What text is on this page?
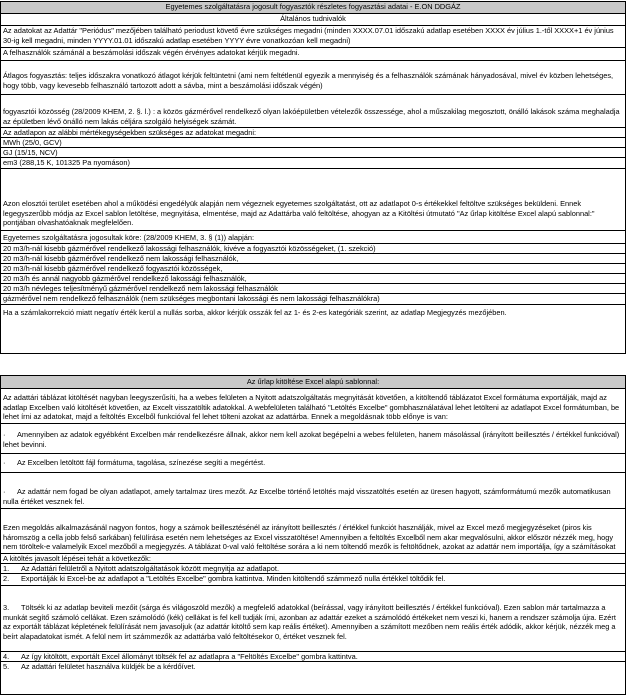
Egyetemes szolgáltatásra jogosult fogyasztók részletes fogyasztási adatai - E.ON DDGÁZ
Általános tudnivalók
Az adatokat az Adattár "Periódus" mezőjében található periodust követő évre szükséges megadni (minden XXXX.07.01 időszakú adatlap esetében XXXX év július 1.-től XXXX+1 év június 30-ig kell megadni, minden YYYY.01.01 időszakú adatlap esetében YYYY évre vonatkozóan kell megadni)
A felhasználók számánál a beszámolási időszak végén érvényes adatokat kérjük megadni.
Átlagos fogyasztás: teljes időszakra vonatkozó átlagot kérjük feltüntetni (ami nem feltétlenül egyezik a mennyiség és a felhasználók számának hányadosával, mivel év közben lehetséges, hogy több, vagy kevesebb felhasználó tartozott adott a sávba, mint a beszámolási időszak végén)
fogyasztói közösség (28/2009 KHEM, 2. §. l.) : a közös gázmérővel rendelkező olyan lakóépületben vételezők összessége, ahol a műszakilag megosztott, önálló lakások száma meghaladja az épületben lévő önálló nem lakás céljára szolgáló helyiségek számát.
Az adatlapon az alábbi mértékegységekben szükséges az adatokat megadni:
MWh (25/0, GCV)
GJ (15/15, NCV)
em3 (288,15 K, 101325 Pa nyomáson)
Azon elosztói terület esetében ahol a működési engedélyük alapján nem végeznek egyetemes szolgáltatást, ott az adatlapot 0-s értékekkel feltöltve szükséges beküldeni. Ennek legegyszerűbb módja az Excel sablon letöltése, megnyitása, elmentése, majd az Adattárba való feltöltése, ahogyan az a Kitöltési útmutató "Az űrlap kitöltése Excel alapú sablonnal:" pontjában olvashatóaknak megfelelően.
Egyetemes szolgáltatásra jogosultak köre: (28/2009 KHEM, 3. § (1)) alapján:
20 m3/h-nál kisebb gázmérővel rendelkező lakossági felhasználók, kivéve a fogyasztói közösségeket, (1. szekció)
20 m3/h-nál kisebb gázmérővel rendelkező nem lakossági felhasználók,
20 m3/h-nál kisebb gázmérővel rendelkező fogyasztói közösségek,
20 m3/h és annál nagyobb gázmérővel rendelkező lakossági felhasználók,
20 m3/h névleges teljesítményű gázmérővel rendelkező nem lakossági felhasználók
gázmérővel nem rendelkező felhasználók (nem szükséges megbontani lakossági és nem lakossági felhasználókra)
Ha a számlakorrekció miatt negatív érték kerül a nullás sorba, akkor kérjük osszák fel az 1- és 2-es kategóriák szerint, az adatlap Megjegyzés mezőjében.
Az űrlap kitöltése Excel alapú sablonnal:
Az adattári táblázat kitöltését nagyban leegyszerűsíti, ha a webes felületen a Nyitott adatszolgáltatás megnyitását követően, a kitöltendő táblázatot Excel formátuma exportálják, majd az adatlap Excelben való kitöltését követően, az Excelt visszatöltik adatokkal. A webfelületen található "Letöltés Excelbe" gombhasználatával lehet letölteni az adatlapot Excel formátumban, be lehet írni az adatokat, majd a feltöltés Excelből funkcióval fel lehet tölteni azokat az adattárba. Ennek a megoldásnak több előnye is van:
· Amennyiben az adatok egyébként Excelben már rendelkezésre állnak, akkor nem kell azokat begépelni a webes felületen, hanem másolással (irányított beillesztés / értékkel funkcióval) lehet bevinni.
· Az Excelben letöltött fájl formátuma, tagolása, színezése segíti a megértést.
· Az adattár nem fogad be olyan adatlapot, amely tartalmaz üres mezőt. Az Excelbe történő letöltés majd visszatöltés esetén az üresen hagyott, számformátumú mezők automatikusan nulla értéket vesznek fel.
Ezen megoldás alkalmazásánál nagyon fontos, hogy a számok beillesztésénél az irányított beillesztés / értékkel funkciót használják, mivel az Excel mező megjegyzéseket (piros kis háromszög a cella jobb felső sarkában) felülírása esetén nem lehetséges az Excel visszatöltése! Amennyiben a feltöltés Excelből nem akar megvalósulni, akkor először nézzék meg, hogy nem töröltek-e valamelyik Excel mezőből a megjegyzés. A táblázat 0-val való feltöltése sorára a ki nem töltendő mezők is feltöltődnek, azokat az adattár nem importálja, így a számításokat
A kitöltés javasolt lépései tehát a következők:
1. Az Adattári felületről a Nyitott adatszolgáltatások között megnyitja az adatlapot.
2. Exportálják ki Excel-be az adatlapot a "Letöltés Excelbe" gombra kattintva. Minden kitöltendő számmező nulla értékkel töltődik fel.
3. Töltsék ki az adatlap beviteli mezőit (sárga és világoszöld mezők) a megfelelő adatokkal (beírással, vagy irányított beillesztés / értékkel funkcióval). Ezen sablon már tartalmazza a munkát segítő számoló cellákat. Ezen számolódó (kék) cellákat is fel kell tudják írni, azonban az adattár ezeket a számolódó értékeket nem veszi ki, hanem a rendszer számolja újra. Ezért az exportált táblázat képletének felülírását nem javasoljuk (az adattár kitöltő sem kap reális értéket). Amennyiben a számított mezőben nem reális érték adódik, akkor kérjük, nézzék meg a beírt alapadatokat ismét. A felül nem írt számmezők az adattárba való feltöltésekor 0, értéket vesznek fel.
4. Az így kitöltött, exportált Excel állományt töltsék fel az adatlapra a "Feltöltés Excelbe" gombra kattintva.
5. Az adattári felületet használva küldjék be a kérdőívet.
